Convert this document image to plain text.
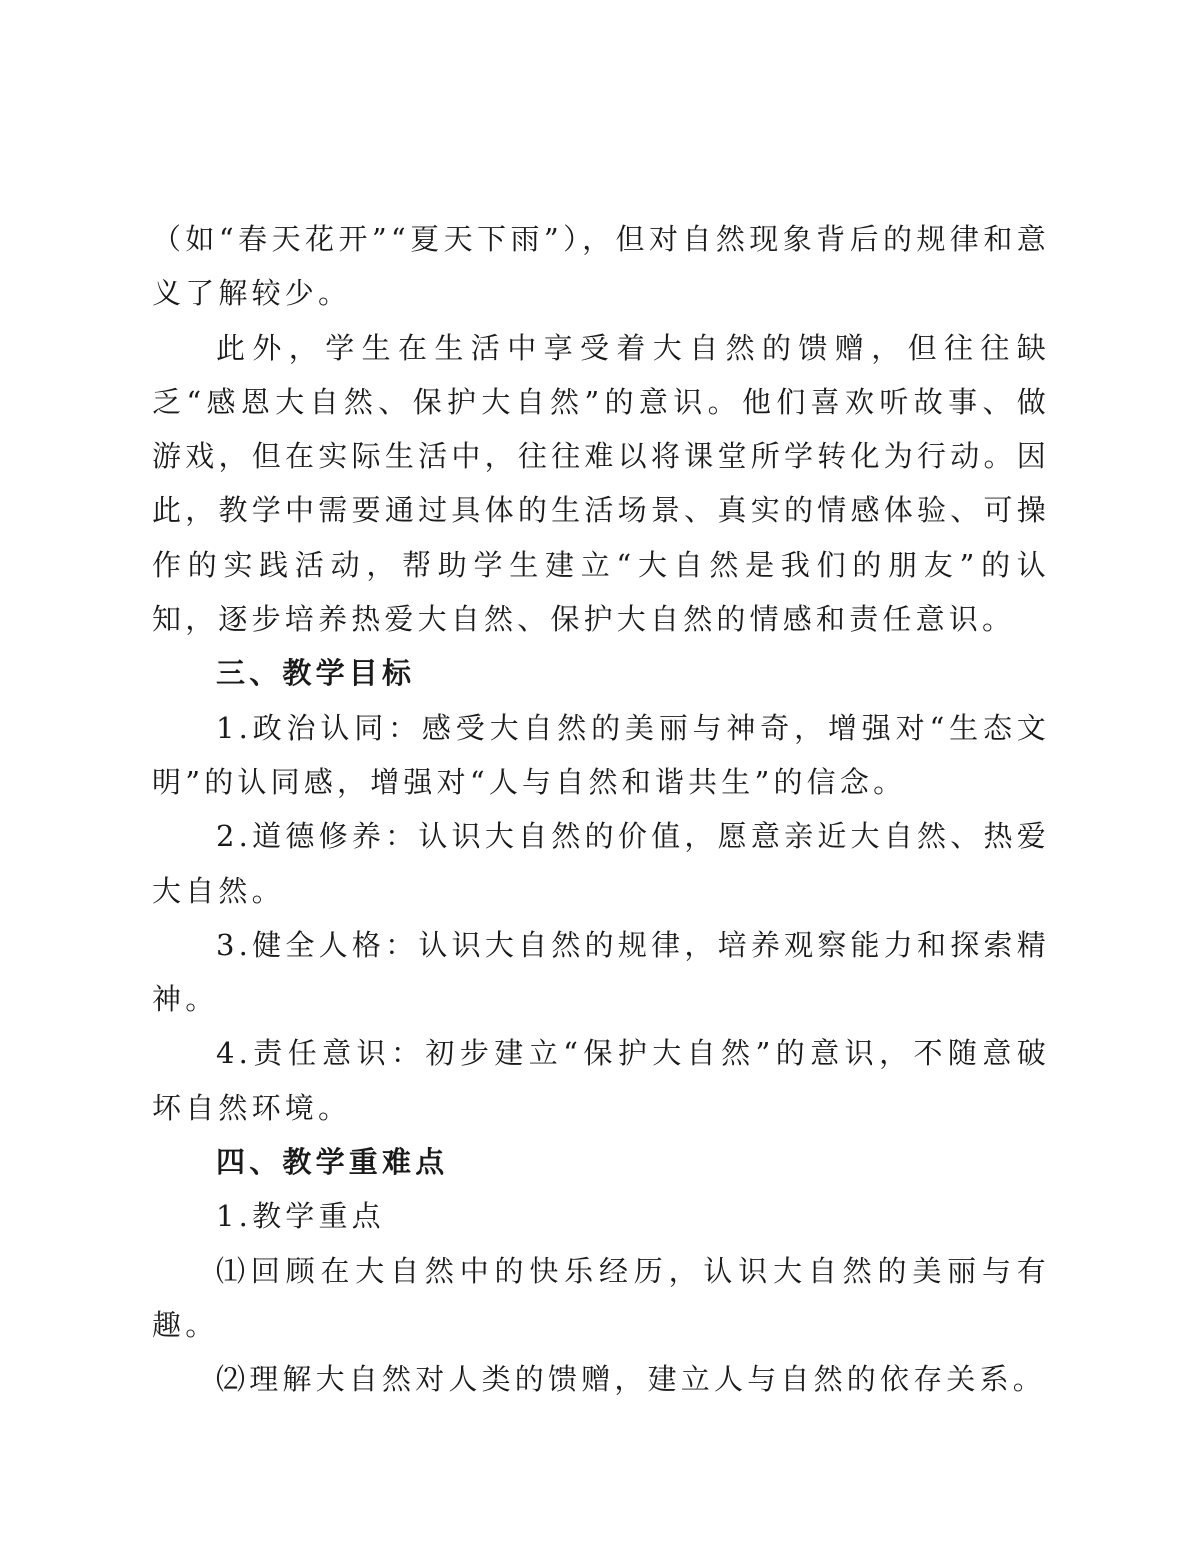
（如“春天花开”“夏天下雨”），但对自然现象背后的规律和意义了解较少。

此外，学生在生活中享受着大自然的馈赠，但往往缺乏“感恩大自然、保护大自然”的意识。他们喜欢听故事、做游戏，但在实际生活中，往往难以将课堂所学转化为行动。因此，教学中需要通过具体的生活场景、真实的情感体验、可操作的实践活动，帮助学生建立“大自然是我们的朋友”的认知，逐步培养热爱大自然、保护大自然的情感和责任意识。

三、教学目标

1.政治认同：感受大自然的美丽与神奇，增强对“生态文明”的认同感，增强对“人与自然和谐共生”的信念。

2.道德修养：认识大自然的价值，愿意亲近大自然、热爱大自然。

3.健全人格：认识大自然的规律，培养观察能力和探索精神。

4.责任意识：初步建立“保护大自然”的意识，不随意破坏自然环境。

四、教学重难点

1.教学重点

⑴回顾在大自然中的快乐经历，认识大自然的美丽与有趣。

⑵理解大自然对人类的馈赠，建立人与自然的依存关系。
